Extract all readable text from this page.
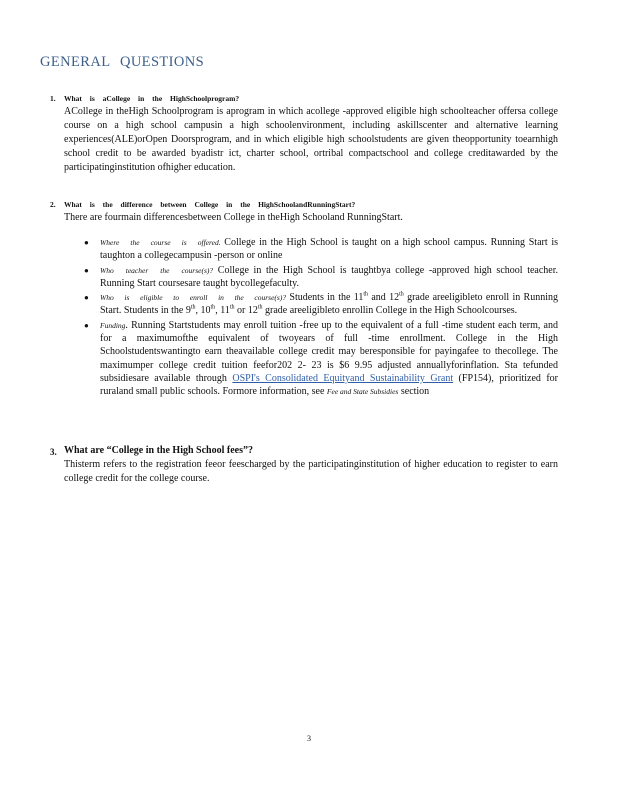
GENERAL QUESTIONS
1. What is aCollege in the HighSchoolprogram?
ACollege in theHigh Schoolprogram is aprogram in which acollege -approved eligible high schoolteacher offersa college course on a high school campusin a high schoolenvironment, including askillscenter and alternative learning experiences(ALE)orOpen Doorsprogram, and in which eligible high schoolstudents are given theopportunity toearnhigh school credit to be awarded byadistr ict, charter school, ortribal compactschool and college creditawarded by the participatinginstitution ofhigher education.
2. What is the difference between College in the HighSchoolandRunningStart?
There are fourmain differencesbetween College in theHigh Schooland RunningStart.
● Where the course is offered. College in the High School is taught on a high school campus. Running Start is taughton a collegecampusin -person or online
● Who teacher the course(s)? College in the High School is taughtbya college -approved high school teacher. Running Start coursesare taught bycollegefaculty.
● Who is eligible to enroll in the course(s)? Students in the 11th and 12th grade areeligibleto enroll in Running Start. Students in the 9th, 10th, 11th or 12th grade areeligibleto enrollin College in the High Schoolcourses.
● Funding. Running Startstudents may enroll tuition -free up to the equivalent of a full -time student each term, and for a maximumofthe equivalent of twoyears of full -time enrollment. College in the High Schoolstudentswantingto earn theavailable college credit may beresponsible for payingafee to thecollege. The maximumper college credit tuition feefor202 2- 23 is $6 9.95 adjusted annuallyforinflation. Sta tefunded subsidiesare available through OSPI's Consolidated Equityand Sustainability Grant (FP154), prioritized for ruraland small public schools. Formore information, see Fee and State Subsidies section
3. What are “College in the High School fees”?
Thisterm refers to the registration feeor feescharged by the participatinginstitution of higher education to register to earn college credit for the college course.
3
